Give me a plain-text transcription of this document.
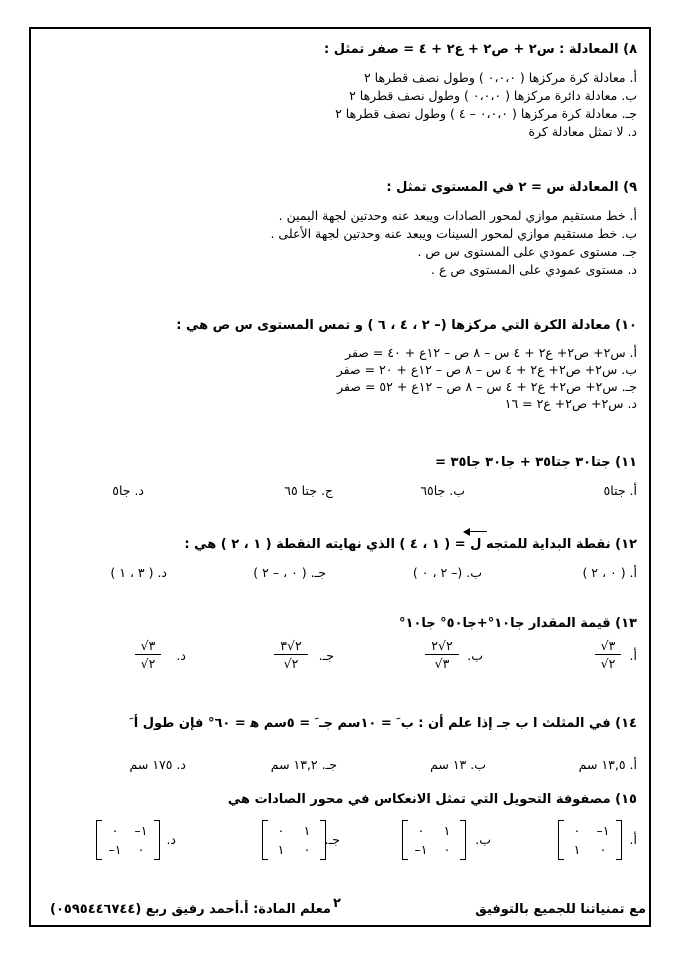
٨) المعادلة : س٢ + ص٢ + ع٢ + ٤ = صفر تمثل :
أ. معادلة كرة مركزها ( ٠،٠،٠ ) وطول نصف قطرها ٢
ب. معادلة دائرة مركزها ( ٠،٠،٠ ) وطول نصف قطرها ٢
جـ. معادلة كرة مركزها ( ٠،٠،٠ – ٤ ) وطول نصف قطرها ٢
د. لا تمثل معادلة كرة
٩) المعادلة س = ٢ في المستوى تمثل :
أ. خط مستقيم موازي لمحور الصادات ويبعد عنه وحدتين لجهة اليمين .
ب. خط مستقيم موازي لمحور السينات ويبعد عنه وحدتين لجهة الأعلى .
جـ. مستوى عمودي على المستوى س ص .
د. مستوى عمودي على المستوى ص ع .
١٠) معادلة الكرة التي مركزها (– ٢ ، ٤ ، ٦ ) و تمس المستوى س ص هي :
أ. س٢+ ص٢+ ع٢ + ٤ س – ٨ ص – ١٢ع + ٤٠ = صفر
ب. س٢+ ص٢+ ع٢ + ٤ س – ٨ ص – ١٢ع + ٢٠ = صفر
جـ. س٢+ ص٢+ ع٢ + ٤ س – ٨ ص – ١٢ع + ٥٢ = صفر
د. س٢+ ص٢+ ع٢ = ١٦
١١) جتا٣٠ جتا٣٥ + جا٣٠ جا٣٥ =
أ. جتا٥
ب. جا٦٥
ج. جتا ٦٥
د. جا٥
١٢) نقطة البداية للمتجه ل = ( ١ ، ٤ ) الذي نهايته النقطة ( ١ ، ٢ ) هي :
أ. ( ٠ ، ٢ )
ب. (– ٢ ، ٠ )
جـ. ( ٠ ، – ٢ )
د. ( ٣ ، ١ )
١٣) قيمة المقدار جا١٠°+جا٥٠° جا١٠°
أ.
√٣
√٢
ب.
٢√٢
√٣
جـ.
٢√٣
√٢
د.
√٣
√٢
١٤) في المثلث ا ب جـ إذا علم أن : ب َ = ١٠سم جـ َ = ٥سم ﻫ = ٦٠° فإن طول أ َ
أ. ١٣,٥ سم
ب. ١٣ سم
جـ. ١٣,٢ سم
د. ١٧٥ سم
١٥) مصفوفة التحويل التي تمثل الانعكاس في محور الصادات هي
أ.
١–
٠
٠
١
ب.
١
٠
٠
١–
جـ.
١
٠
٠
١
د.
١–
٠
٠
١–
٢	مع تمنياتنا للجميع بالتوفيق
معلم المادة: أ.أحمد رفيق ربع (٠٥٩٥٤٤٦٧٤٤)
